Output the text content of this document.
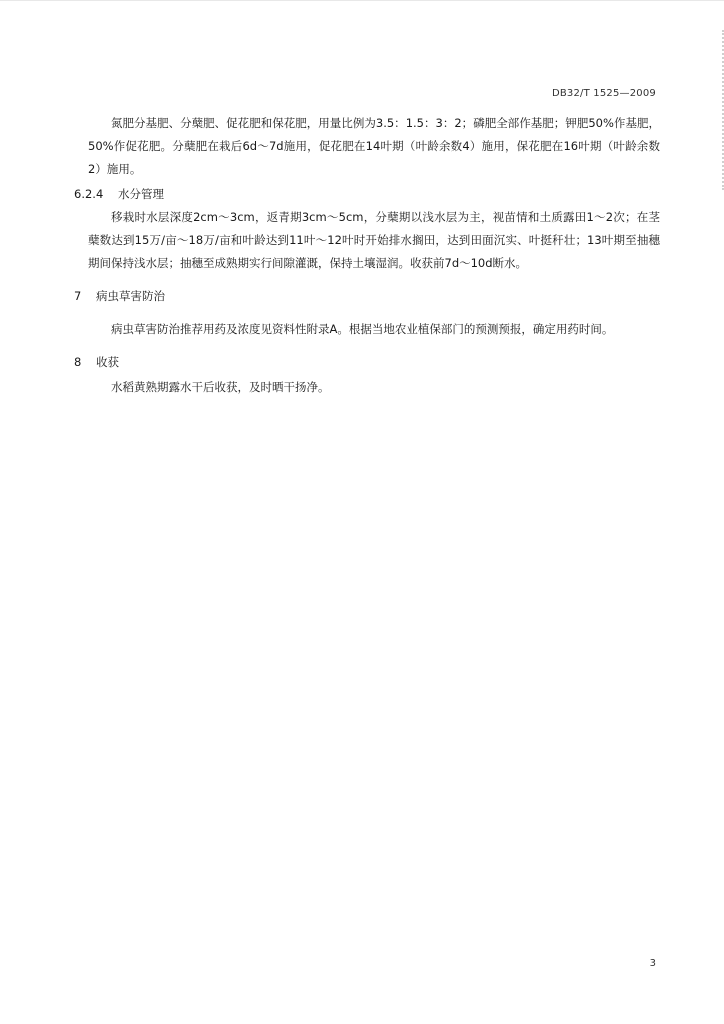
DB32/T 1525—2009

氮肥分基肥、分蘖肥、促花肥和保花肥，用量比例为3.5：1.5：3：2；磷肥全部作基肥；钾肥50%作基肥，50%作促花肥。分蘖肥在栽后6d～7d施用，促花肥在14叶期（叶龄余数4）施用，保花肥在16叶期（叶龄余数2）施用。

6.2.4 水分管理

移栽时水层深度2cm～3cm，返青期3cm～5cm，分蘖期以浅水层为主，视苗情和土质露田1～2次；在茎蘖数达到15万/亩～18万/亩和叶龄达到11叶～12叶时开始排水搁田，达到田面沉实、叶挺秆壮；13叶期至抽穗期间保持浅水层；抽穗至成熟期实行间隙灌溉，保持土壤湿润。收获前7d～10d断水。

7 病虫草害防治

病虫草害防治推荐用药及浓度见资料性附录A。根据当地农业植保部门的预测预报，确定用药时间。

8 收获

水稻黄熟期露水干后收获，及时晒干扬净。

3
